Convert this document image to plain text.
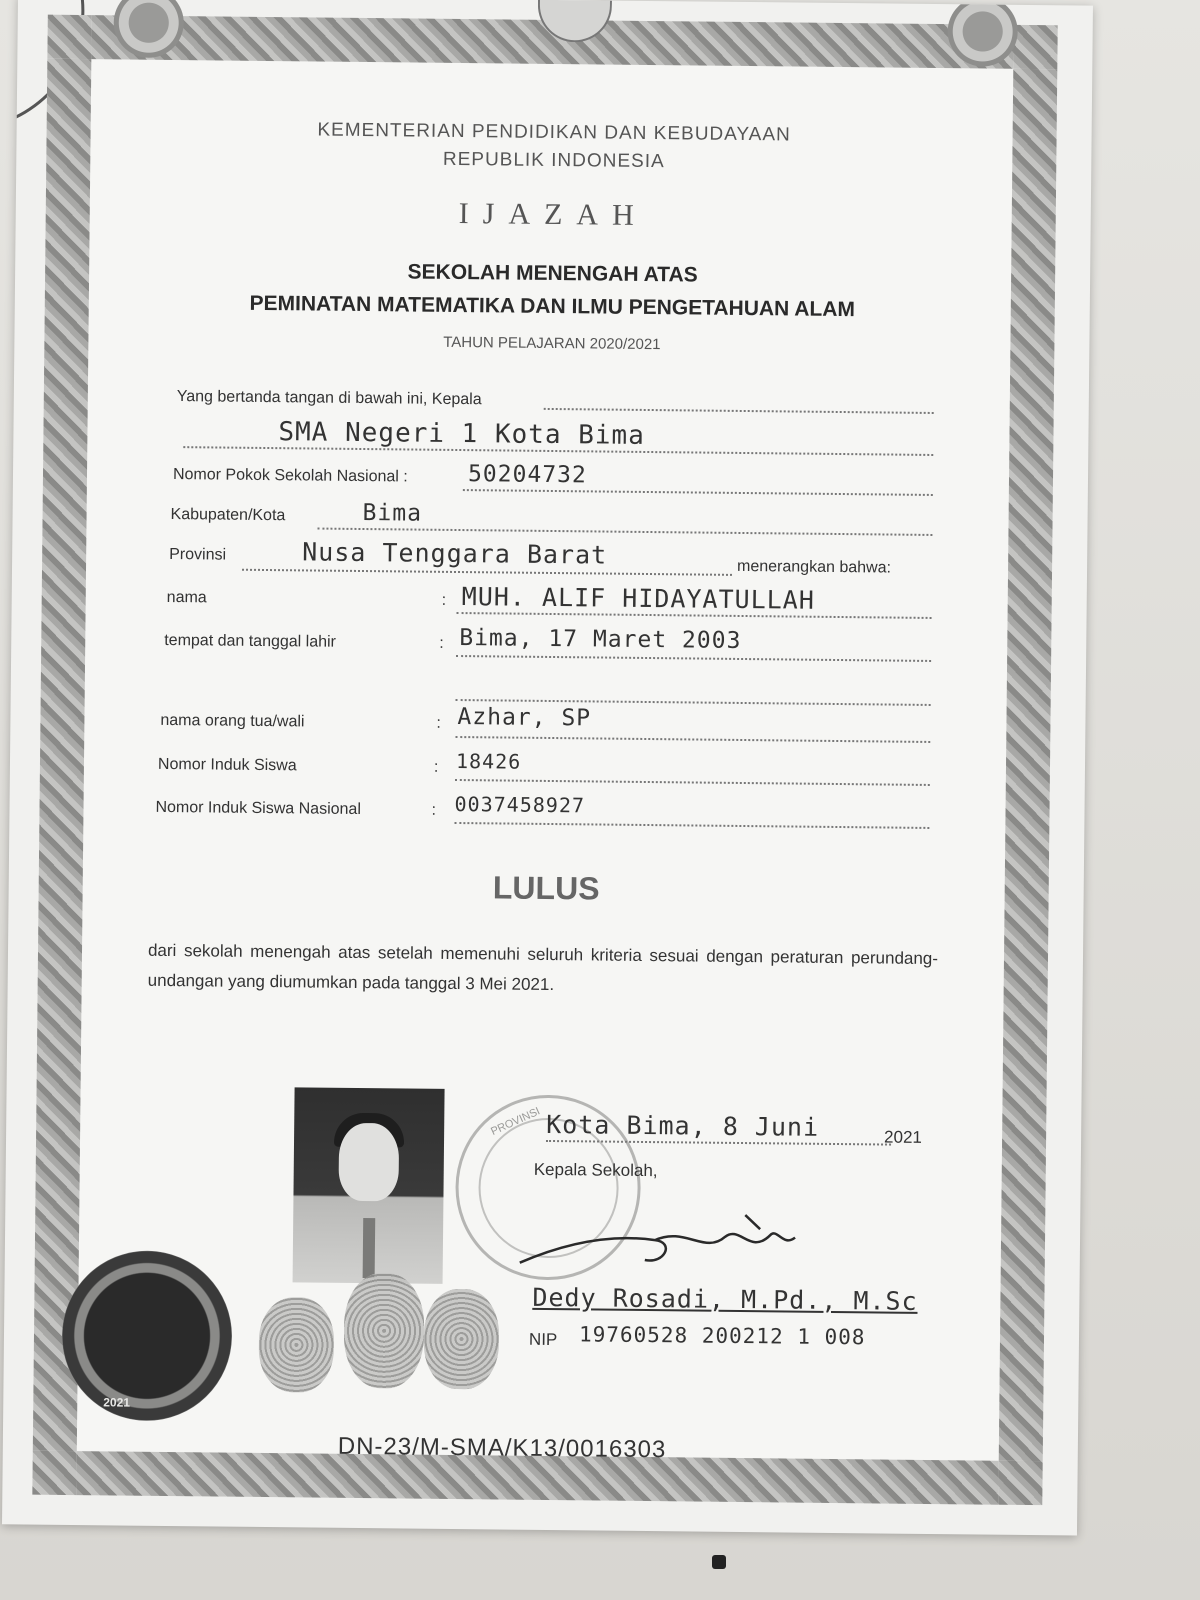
KEMENTERIAN PENDIDIKAN DAN KEBUDAYAAN
REPUBLIK INDONESIA
IJAZAH
SEKOLAH MENENGAH ATAS
PEMINATAN MATEMATIKA DAN ILMU PENGETAHUAN ALAM
TAHUN PELAJARAN 2020/2021
Yang bertanda tangan di bawah ini, Kepala
SMA Negeri 1 Kota Bima
Nomor Pokok Sekolah Nasional :	50204732
Kabupaten/Kota	Bima
Provinsi	Nusa Tenggara Barat	menerangkan bahwa:
nama	: MUH. ALIF HIDAYATULLAH
tempat dan tanggal lahir	: Bima, 17 Maret 2003
nama orang tua/wali	: Azhar, SP
Nomor Induk Siswa	: 18426
Nomor Induk Siswa Nasional	: 0037458927
LULUS
dari sekolah menengah atas setelah memenuhi seluruh kriteria sesuai dengan peraturan perundang-undangan yang diumumkan pada tanggal 3 Mei 2021.
PROVINSI Kota Bima, 8 Juni	2021
Kepala Sekolah,
Dedy Rosadi, M.Pd., M.Sc
NIP 19760528 200212 1 008
2021
DN-23/M-SMA/K13/0016303
